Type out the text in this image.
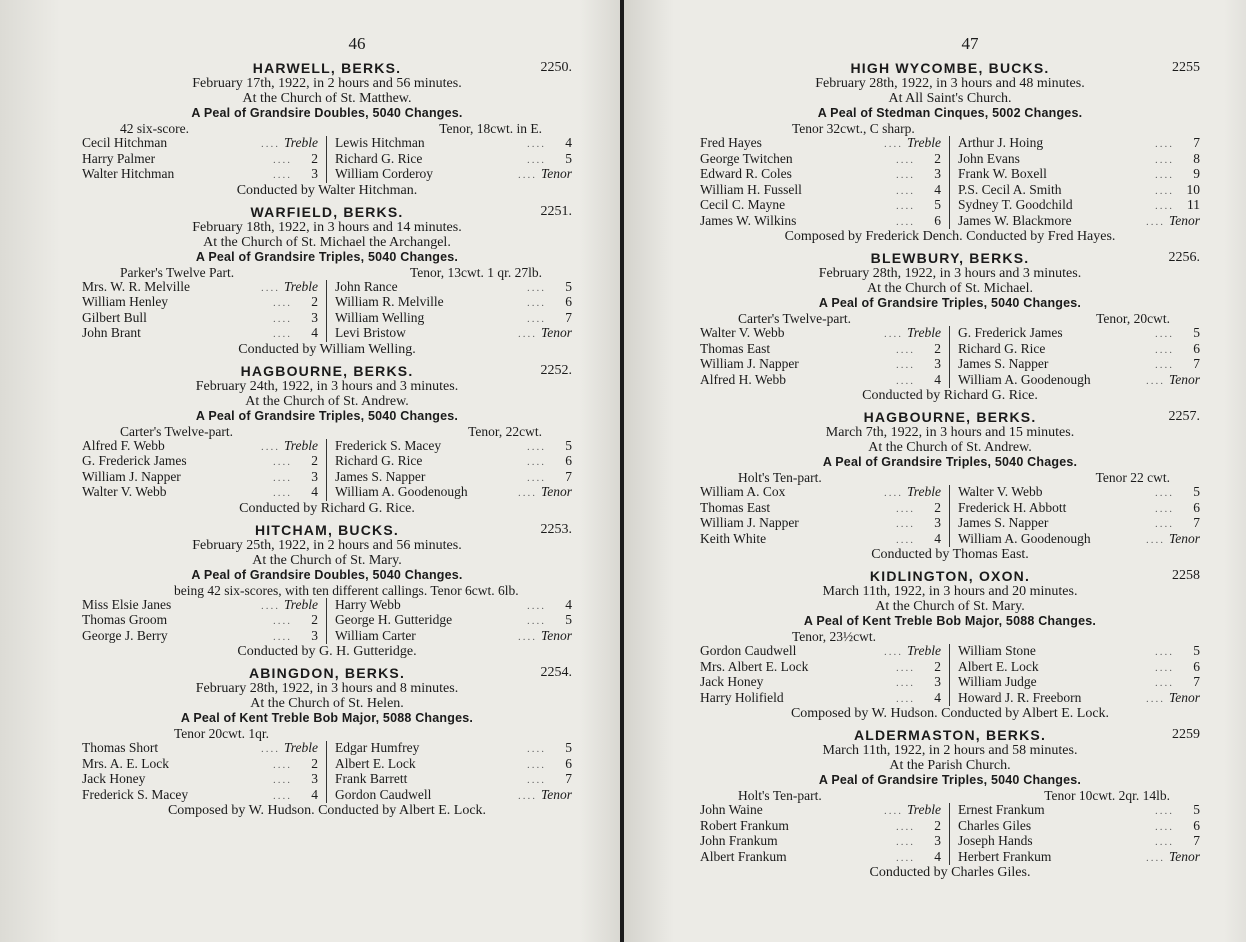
46
HARWELL, BERKS.	2250.
February 17th, 1922, in 2 hours and 56 minutes.
At the Church of St. Matthew.
A Peal of Grandsire Doubles, 5040 Changes.
42 six-score.	Tenor, 18cwt. in E.
Cecil Hitchman	.... Treble Lewis Hitchman	....	4
Harry Palmer	....	2 Richard G. Rice	....	5
Walter Hitchman	....	3 William Corderoy	.... Tenor
Conducted by Walter Hitchman.
WARFIELD, BERKS.	2251.
February 18th, 1922, in 3 hours and 14 minutes.
At the Church of St. Michael the Archangel.
A Peal of Grandsire Triples, 5040 Changes.
Parker's Twelve Part.	Tenor, 13cwt. 1 qr. 27lb.
Mrs. W. R. Melville	.... Treble John Rance	....	5
William Henley	....	2 William R. Melville	....	6
Gilbert Bull	....	3 William Welling	....	7
John Brant	....	4 Levi Bristow	.... Tenor
Conducted by William Welling.
HAGBOURNE, BERKS.	2252.
February 24th, 1922, in 3 hours and 3 minutes.
At the Church of St. Andrew.
A Peal of Grandsire Triples, 5040 Changes.
Carter's Twelve-part.	Tenor, 22cwt.
Alfred F. Webb	.... Treble Frederick S. Macey	....	5
G. Frederick James	....	2 Richard G. Rice	....	6
William J. Napper	....	3 James S. Napper	....	7
Walter V. Webb	....	4 William A. Goodenough	.... Tenor
Conducted by Richard G. Rice.
HITCHAM, BUCKS.	2253.
February 25th, 1922, in 2 hours and 56 minutes.
At the Church of St. Mary.
A Peal of Grandsire Doubles, 5040 Changes.
being 42 six-scores, with ten different callings. Tenor 6cwt. 6lb.
Miss Elsie Janes	.... Treble Harry Webb	....	4
Thomas Groom	....	2 George H. Gutteridge	....	5
George J. Berry	....	3 William Carter	.... Tenor
Conducted by G. H. Gutteridge.
ABINGDON, BERKS.	2254.
February 28th, 1922, in 3 hours and 8 minutes.
At the Church of St. Helen.
A Peal of Kent Treble Bob Major, 5088 Changes.
Tenor 20cwt. 1qr.
Thomas Short	.... Treble Edgar Humfrey	....	5
Mrs. A. E. Lock	....	2 Albert E. Lock	....	6
Jack Honey	....	3 Frank Barrett	....	7
Frederick S. Macey	....	4 Gordon Caudwell	.... Tenor
Composed by W. Hudson. Conducted by Albert E. Lock.
47
HIGH WYCOMBE, BUCKS.	2255
February 28th, 1922, in 3 hours and 48 minutes.
At All Saint's Church.
A Peal of Stedman Cinques, 5002 Changes.
Tenor 32cwt., C sharp.
Fred Hayes	.... Treble Arthur J. Hoing	....	7
George Twitchen	....	2 John Evans	....	8
Edward R. Coles	....	3 Frank W. Boxell	....	9
William H. Fussell	....	4 P.S. Cecil A. Smith	.... 10
Cecil C. Mayne	....	5 Sydney T. Goodchild	.... 11
James W. Wilkins	....	6 James W. Blackmore	.... Tenor
Composed by Frederick Dench. Conducted by Fred Hayes.
BLEWBURY, BERKS.	2256.
February 28th, 1922, in 3 hours and 3 minutes.
At the Church of St. Michael.
A Peal of Grandsire Triples, 5040 Changes.
Carter's Twelve-part.	Tenor, 20cwt.
Walter V. Webb	.... Treble G. Frederick James	....	5
Thomas East	....	2 Richard G. Rice	....	6
William J. Napper	....	3 James S. Napper	....	7
Alfred H. Webb	....	4 William A. Goodenough	.... Tenor
Conducted by Richard G. Rice.
HAGBOURNE, BERKS.	2257.
March 7th, 1922, in 3 hours and 15 minutes.
At the Church of St. Andrew.
A Peal of Grandsire Triples, 5040 Chages.
Holt's Ten-part.	Tenor 22 cwt.
William A. Cox	.... Treble Walter V. Webb	....	5
Thomas East	....	2 Frederick H. Abbott	....	6
William J. Napper	....	3 James S. Napper	....	7
Keith White	....	4 William A. Goodenough	.... Tenor
Conducted by Thomas East.
KIDLINGTON, OXON.	2258
March 11th, 1922, in 3 hours and 20 minutes.
At the Church of St. Mary.
A Peal of Kent Treble Bob Major, 5088 Changes.
Tenor, 23½cwt.
Gordon Caudwell	.... Treble William Stone	....	5
Mrs. Albert E. Lock	....	2 Albert E. Lock	....	6
Jack Honey	....	3 William Judge	....	7
Harry Holifield	....	4 Howard J. R. Freeborn	.... Tenor
Composed by W. Hudson. Conducted by Albert E. Lock.
ALDERMASTON, BERKS.	2259
March 11th, 1922, in 2 hours and 58 minutes.
At the Parish Church.
A Peal of Grandsire Triples, 5040 Changes.
Holt's Ten-part.	Tenor 10cwt. 2qr. 14lb.
John Waine	.... Treble Ernest Frankum	....	5
Robert Frankum	....	2 Charles Giles	....	6
John Frankum	....	3 Joseph Hands	....	7
Albert Frankum	....	4 Herbert Frankum	.... Tenor
Conducted by Charles Giles.
